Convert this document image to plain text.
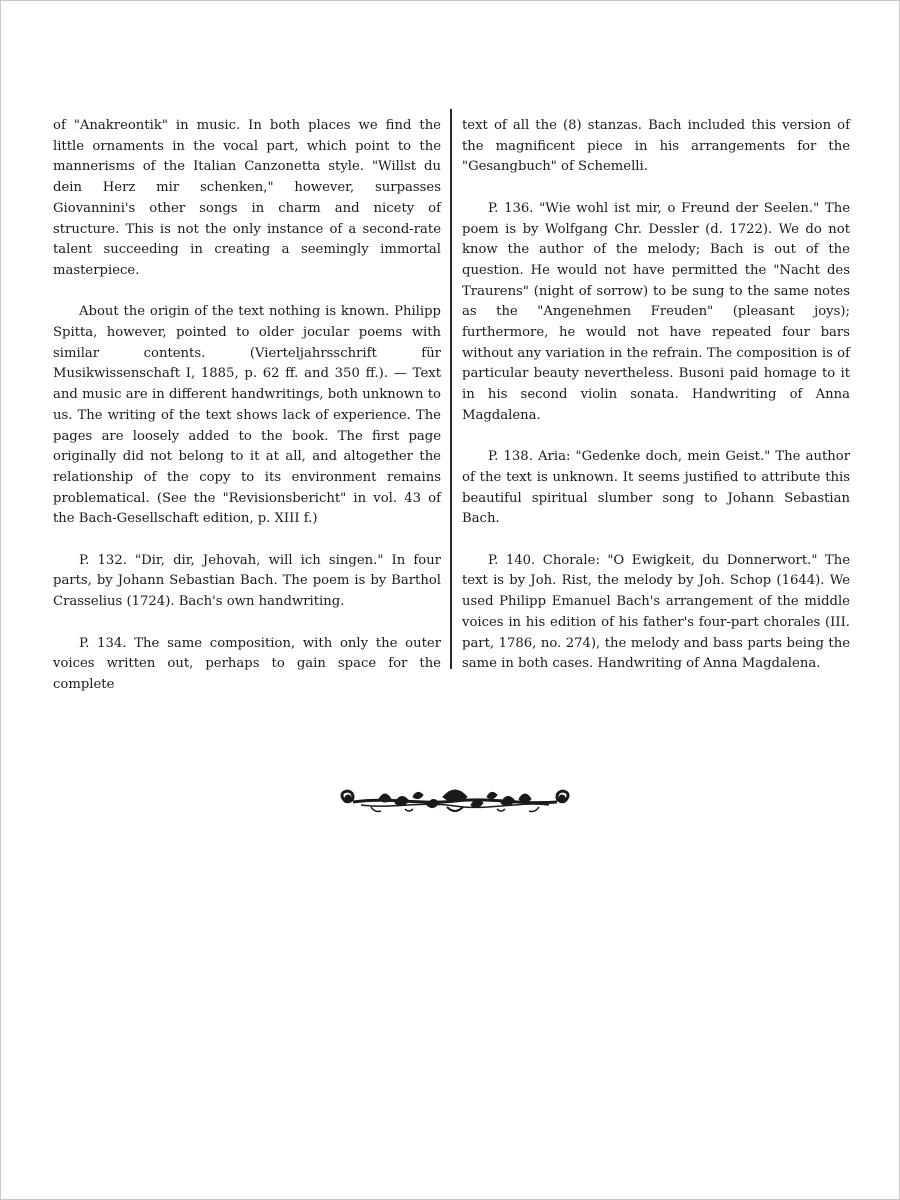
of "Anakreontik" in music. In both places we find the little ornaments in the vocal part, which point to the mannerisms of the Italian Canzonetta style. "Willst du dein Herz mir schenken," however, surpasses Giovannini's other songs in charm and nicety of structure. This is not the only instance of a second-rate talent succeeding in creating a seemingly immortal masterpiece.

About the origin of the text nothing is known. Philipp Spitta, however, pointed to older jocular poems with similar contents. (Vierteljahrsschrift für Musikwissenschaft I, 1885, p. 62 ff. and 350 ff.). — Text and music are in different handwritings, both unknown to us. The writing of the text shows lack of experience. The pages are loosely added to the book. The first page originally did not belong to it at all, and altogether the relationship of the copy to its environment remains problematical. (See the "Revisionsbericht" in vol. 43 of the Bach-Gesellschaft edition, p. XIII f.)

P. 132. "Dir, dir, Jehovah, will ich singen." In four parts, by Johann Sebastian Bach. The poem is by Barthol Crasselius (1724). Bach's own handwriting.

P. 134. The same composition, with only the outer voices written out, perhaps to gain space for the complete

text of all the (8) stanzas. Bach included this version of the magnificent piece in his arrangements for the "Gesangbuch" of Schemelli.

P. 136. "Wie wohl ist mir, o Freund der Seelen." The poem is by Wolfgang Chr. Dessler (d. 1722). We do not know the author of the melody; Bach is out of the question. He would not have permitted the "Nacht des Traurens" (night of sorrow) to be sung to the same notes as the "Angenehmen Freuden" (pleasant joys); furthermore, he would not have repeated four bars without any variation in the refrain. The composition is of particular beauty nevertheless. Busoni paid homage to it in his second violin sonata. Handwriting of Anna Magdalena.

P. 138. Aria: "Gedenke doch, mein Geist." The author of the text is unknown. It seems justified to attribute this beautiful spiritual slumber song to Johann Sebastian Bach.

P. 140. Chorale: "O Ewigkeit, du Donnerwort." The text is by Joh. Rist, the melody by Joh. Schop (1644). We used Philipp Emanuel Bach's arrangement of the middle voices in his edition of his father's four-part chorales (III. part, 1786, no. 274), the melody and bass parts being the same in both cases. Handwriting of Anna Magdalena.
